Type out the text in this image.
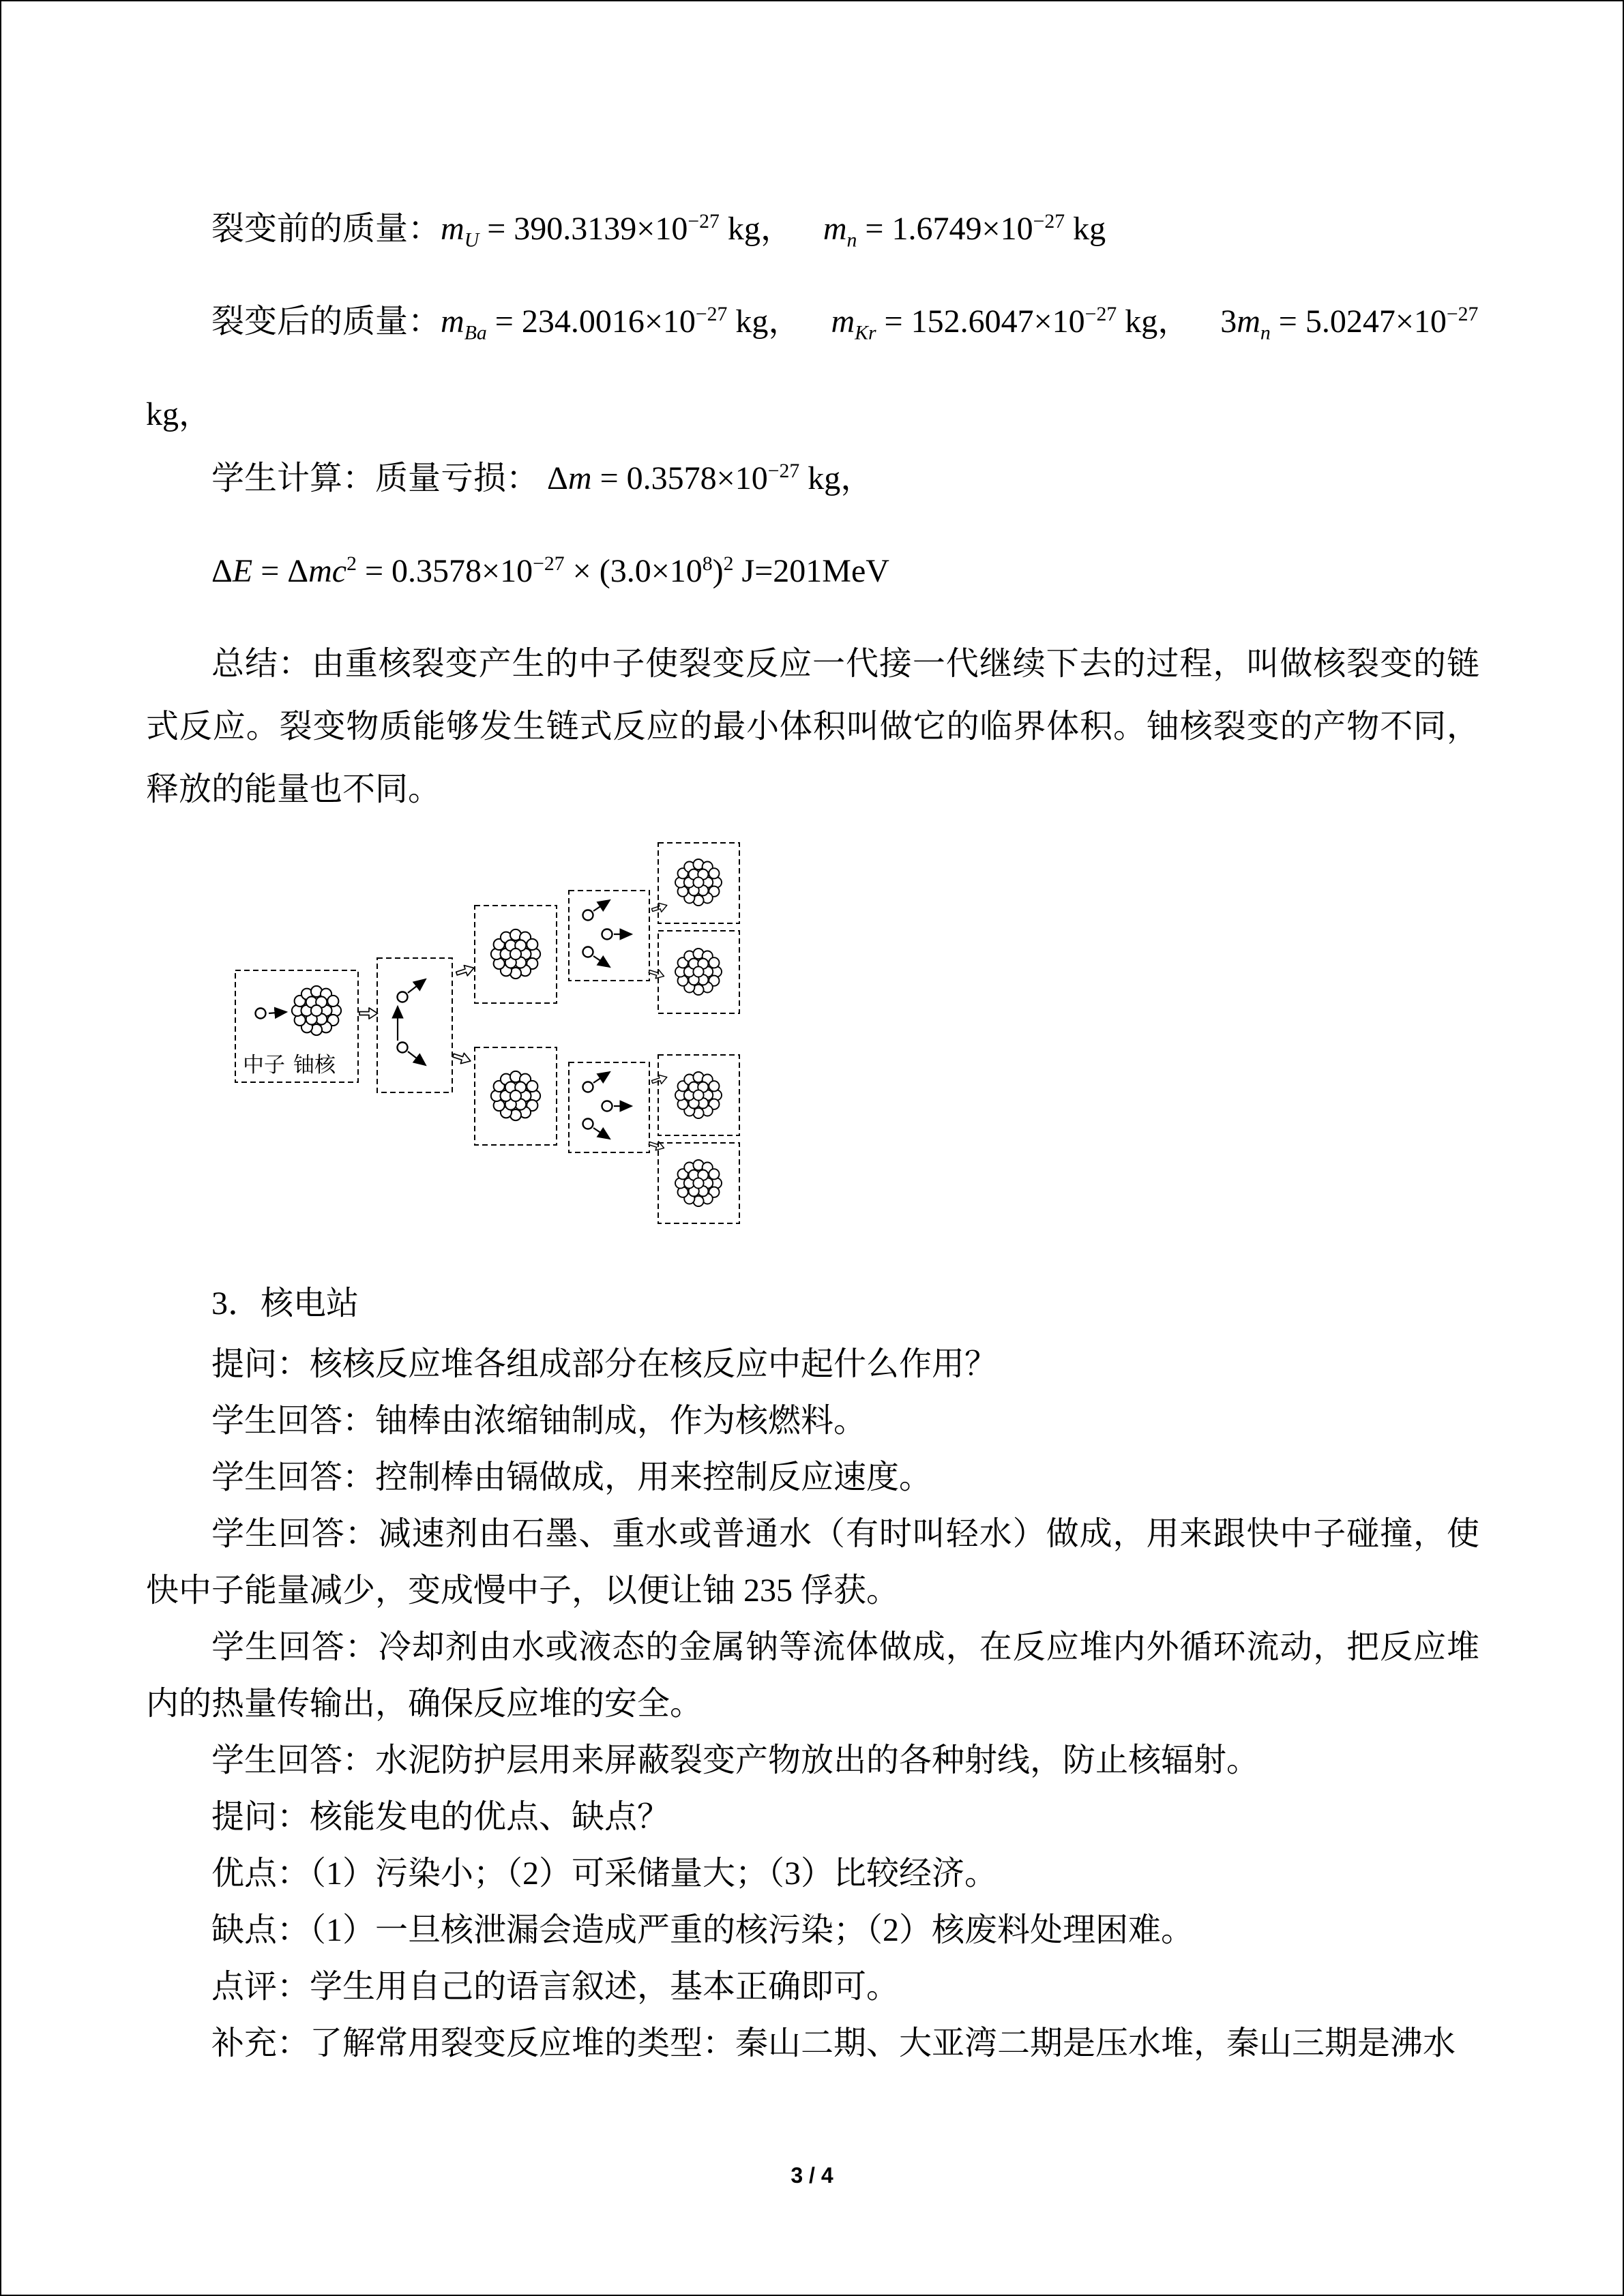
裂变前的质量：$m_U = 390.3139\times 10^{-27}$ kg， $m_n = 1.6749\times 10^{-27}$ kg

裂变后的质量：$m_{Ba} = 234.0016\times 10^{-27}$ kg， $m_{Kr} = 152.6047\times 10^{-27}$ kg， $3m_n = 5.0247\times 10^{-27}$

kg，

学生计算：质量亏损： $\Delta m = 0.3578\times 10^{-27}$ kg，

$\Delta E = \Delta mc^2 = 0.3578\times 10^{-27} \times (3.0\times 10^8)^2$ J=201MeV

总结：由重核裂变产生的中子使裂变反应一代接一代继续下去的过程，叫做核裂变的链式反应。裂变物质能够发生链式反应的最小体积叫做它的临界体积。铀核裂变的产物不同，释放的能量也不同。

中子 铀核

3．核电站

提问：核核反应堆各组成部分在核反应中起什么作用？

学生回答：铀棒由浓缩铀制成，作为核燃料。

学生回答：控制棒由镉做成，用来控制反应速度。

学生回答：减速剂由石墨、重水或普通水（有时叫轻水）做成，用来跟快中子碰撞，使快中子能量减少，变成慢中子，以便让铀 235 俘获。

学生回答：冷却剂由水或液态的金属钠等流体做成，在反应堆内外循环流动，把反应堆内的热量传输出，确保反应堆的安全。

学生回答：水泥防护层用来屏蔽裂变产物放出的各种射线，防止核辐射。

提问：核能发电的优点、缺点？

优点：（1）污染小；（2）可采储量大；（3）比较经济。

缺点：（1）一旦核泄漏会造成严重的核污染；（2）核废料处理困难。

点评：学生用自己的语言叙述，基本正确即可。

补充：了解常用裂变反应堆的类型：秦山二期、大亚湾二期是压水堆，秦山三期是沸水

3 / 4
